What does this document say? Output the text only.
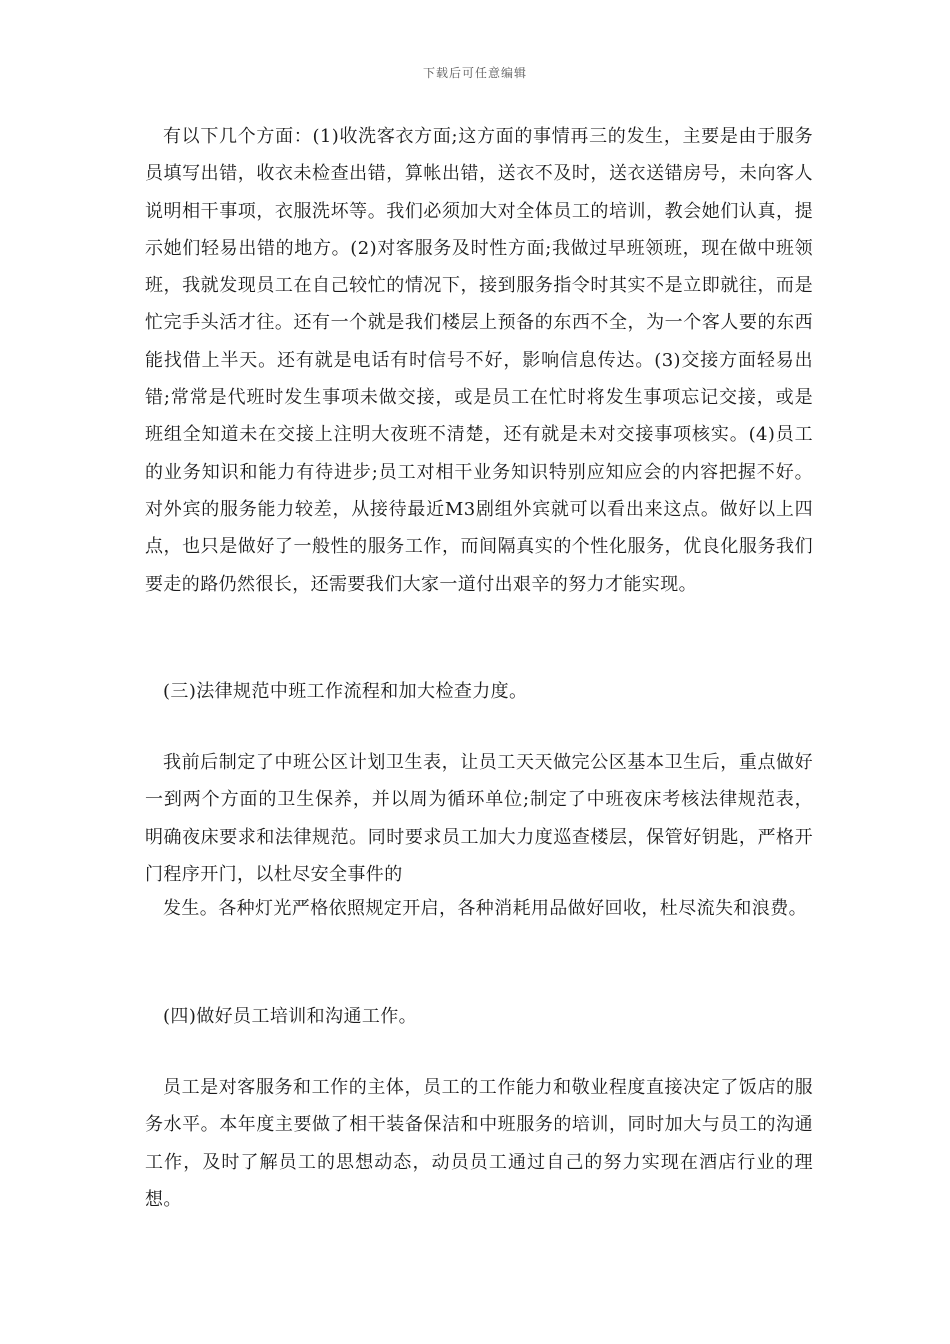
下载后可任意编辑
有以下几个方面：(1)收洗客衣方面;这方面的事情再三的发生，主要是由于服务员填写出错，收衣未检查出错，算帐出错，送衣不及时，送衣送错房号，未向客人说明相干事项，衣服洗坏等。我们必须加大对全体员工的培训，教会她们认真，提示她们轻易出错的地方。(2)对客服务及时性方面;我做过早班领班，现在做中班领班，我就发现员工在自己较忙的情况下，接到服务指令时其实不是立即就往，而是忙完手头活才往。还有一个就是我们楼层上预备的东西不全，为一个客人要的东西能找借上半天。还有就是电话有时信号不好，影响信息传达。(3)交接方面轻易出错;常常是代班时发生事项未做交接，或是员工在忙时将发生事项忘记交接，或是班组全知道未在交接上注明大夜班不清楚，还有就是未对交接事项核实。(4)员工的业务知识和能力有待进步;员工对相干业务知识特别应知应会的内容把握不好。对外宾的服务能力较差，从接待最近M3剧组外宾就可以看出来这点。做好以上四点，也只是做好了一般性的服务工作，而间隔真实的个性化服务，优良化服务我们要走的路仍然很长，还需要我们大家一道付出艰辛的努力才能实现。
(三)法律规范中班工作流程和加大检查力度。
我前后制定了中班公区计划卫生表，让员工天天做完公区基本卫生后，重点做好一到两个方面的卫生保养，并以周为循环单位;制定了中班夜床考核法律规范表，明确夜床要求和法律规范。同时要求员工加大力度巡查楼层，保管好钥匙，严格开门程序开门，以杜尽安全事件的
发生。各种灯光严格依照规定开启，各种消耗用品做好回收，杜尽流失和浪费。
(四)做好员工培训和沟通工作。
员工是对客服务和工作的主体，员工的工作能力和敬业程度直接决定了饭店的服务水平。本年度主要做了相干装备保洁和中班服务的培训，同时加大与员工的沟通工作，及时了解员工的思想动态，动员员工通过自己的努力实现在酒店行业的理想。
